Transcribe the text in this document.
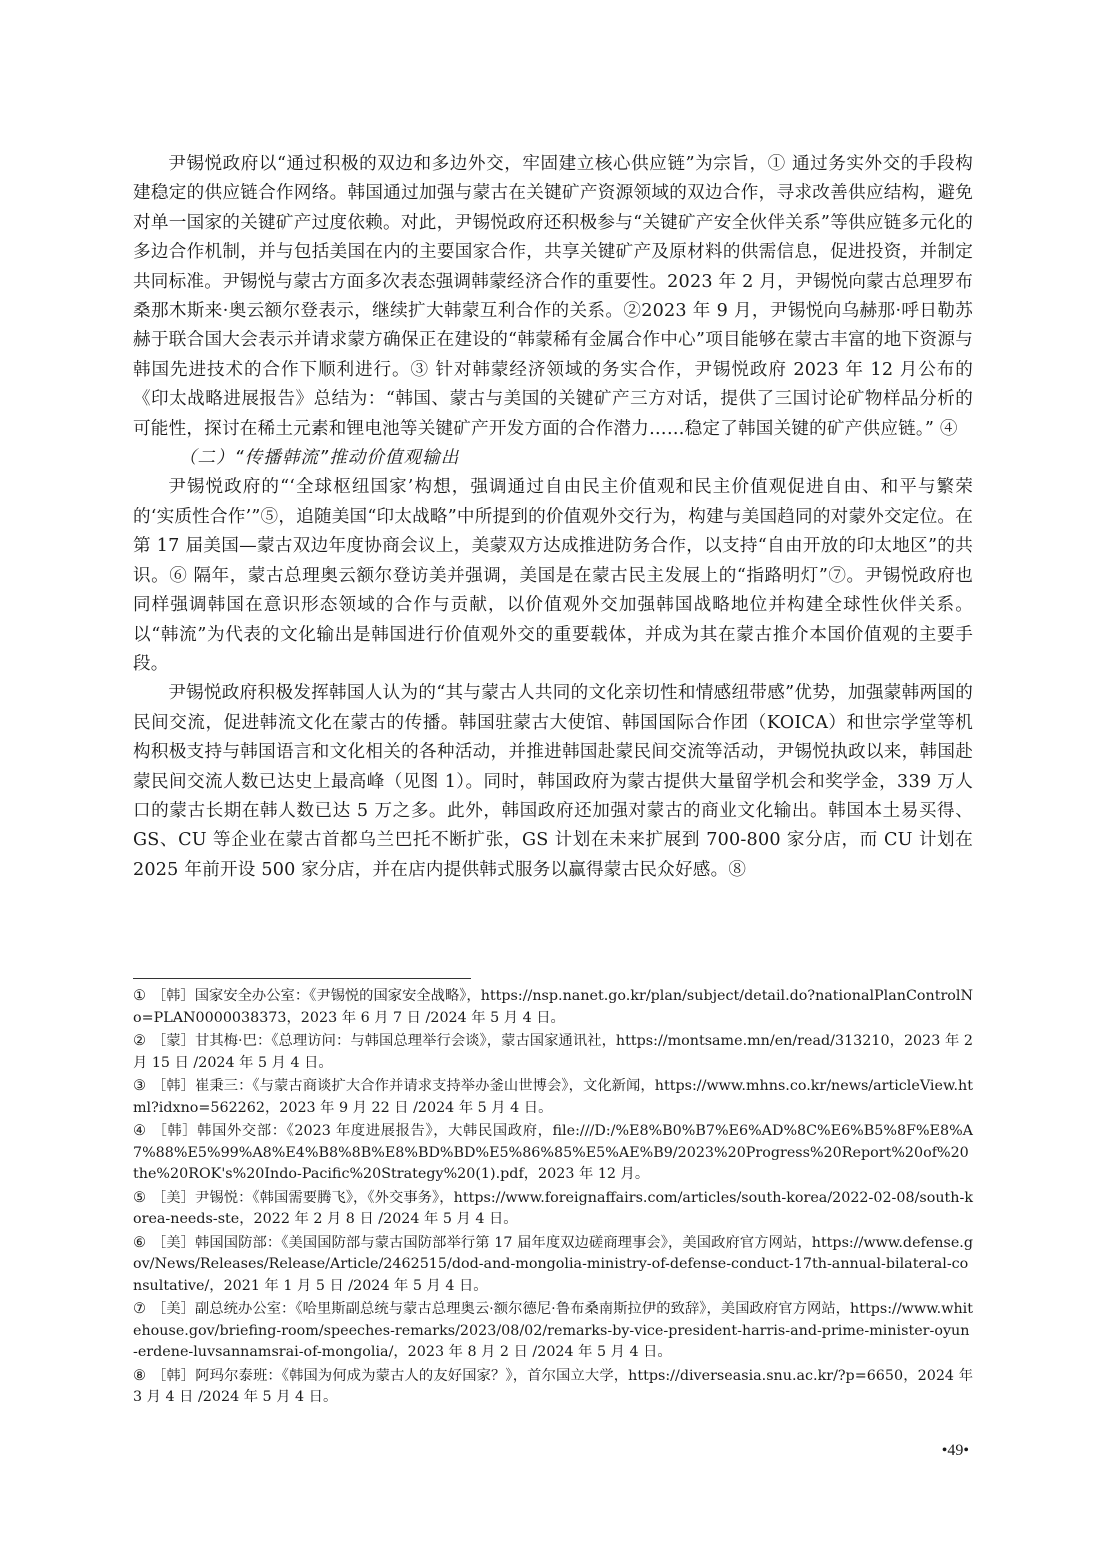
尹锡悦政府以“通过积极的双边和多边外交，牢固建立核心供应链”为宗旨，① 通过务实外交的手段构建稳定的供应链合作网络。韩国通过加强与蒙古在关键矿产资源领域的双边合作，寻求改善供应结构，避免对单一国家的关键矿产过度依赖。对此，尹锡悦政府还积极参与“关键矿产安全伙伴关系”等供应链多元化的多边合作机制，并与包括美国在内的主要国家合作，共享关键矿产及原材料的供需信息，促进投资，并制定共同标准。尹锡悦与蒙古方面多次表态强调韩蒙经济合作的重要性。2023 年 2 月，尹锡悦向蒙古总理罗布桑那木斯来·奥云额尔登表示，继续扩大韩蒙互利合作的关系。②2023 年 9 月，尹锡悦向乌赫那·呼日勒苏赫于联合国大会表示并请求蒙方确保正在建设的“韩蒙稀有金属合作中心”项目能够在蒙古丰富的地下资源与韩国先进技术的合作下顺利进行。③ 针对韩蒙经济领域的务实合作，尹锡悦政府 2023 年 12 月公布的《印太战略进展报告》总结为：“韩国、蒙古与美国的关键矿产三方对话，提供了三国讨论矿物样品分析的可能性，探讨在稀土元素和锂电池等关键矿产开发方面的合作潜力……稳定了韩国关键的矿产供应链。” ④

（二）“传播韩流”推动价值观输出

尹锡悦政府的“‘全球枢纽国家’构想，强调通过自由民主价值观和民主价值观促进自由、和平与繁荣的‘实质性合作’”⑤，追随美国“印太战略”中所提到的价值观外交行为，构建与美国趋同的对蒙外交定位。在第 17 届美国—蒙古双边年度协商会议上，美蒙双方达成推进防务合作，以支持“自由开放的印太地区”的共识。⑥ 隔年，蒙古总理奥云额尔登访美并强调，美国是在蒙古民主发展上的“指路明灯”⑦。尹锡悦政府也同样强调韩国在意识形态领域的合作与贡献，以价值观外交加强韩国战略地位并构建全球性伙伴关系。以“韩流”为代表的文化输出是韩国进行价值观外交的重要载体，并成为其在蒙古推介本国价值观的主要手段。

尹锡悦政府积极发挥韩国人认为的“其与蒙古人共同的文化亲切性和情感纽带感”优势，加强蒙韩两国的民间交流，促进韩流文化在蒙古的传播。韩国驻蒙古大使馆、韩国国际合作团（KOICA）和世宗学堂等机构积极支持与韩国语言和文化相关的各种活动，并推进韩国赴蒙民间交流等活动，尹锡悦执政以来，韩国赴蒙民间交流人数已达史上最高峰（见图 1）。同时，韩国政府为蒙古提供大量留学机会和奖学金，339 万人口的蒙古长期在韩人数已达 5 万之多。此外，韩国政府还加强对蒙古的商业文化输出。韩国本土易买得、GS、CU 等企业在蒙古首都乌兰巴托不断扩张，GS 计划在未来扩展到 700-800 家分店，而 CU 计划在 2025 年前开设 500 家分店，并在店内提供韩式服务以赢得蒙古民众好感。⑧

① ［韩］国家安全办公室：《尹锡悦的国家安全战略》，https://nsp.nanet.go.kr/plan/subject/detail.do?nationalPlanControlNo=PLAN0000038373，2023 年 6 月 7 日 /2024 年 5 月 4 日。

② ［蒙］甘其梅·巴：《总理访问：与韩国总理举行会谈》，蒙古国家通讯社，https://montsame.mn/en/read/313210，2023 年 2 月 15 日 /2024 年 5 月 4 日。

③ ［韩］崔秉三：《与蒙古商谈扩大合作并请求支持举办釜山世博会》，文化新闻，https://www.mhns.co.kr/news/articleView.html?idxno=562262，2023 年 9 月 22 日 /2024 年 5 月 4 日。

④ ［韩］韩国外交部：《2023 年度进展报告》，大韩民国政府，file:///D:/%E8%B0%B7%E6%AD%8C%E6%B5%8F%E8%A7%88%E5%99%A8%E4%B8%8B%E8%BD%BD%E5%86%85%E5%AE%B9/2023%20Progress%20Report%20of%20the%20ROK's%20Indo-Pacific%20Strategy%20(1).pdf，2023 年 12 月。

⑤ ［美］尹锡悦：《韩国需要腾飞》，《外交事务》，https://www.foreignaffairs.com/articles/south-korea/2022-02-08/south-korea-needs-ste，2022 年 2 月 8 日 /2024 年 5 月 4 日。

⑥ ［美］韩国国防部：《美国国防部与蒙古国防部举行第 17 届年度双边磋商理事会》，美国政府官方网站，https://www.defense.gov/News/Releases/Release/Article/2462515/dod-and-mongolia-ministry-of-defense-conduct-17th-annual-bilateral-consultative/，2021 年 1 月 5 日 /2024 年 5 月 4 日。

⑦ ［美］副总统办公室：《哈里斯副总统与蒙古总理奥云·额尔德尼·鲁布桑南斯拉伊的致辞》，美国政府官方网站，https://www.whitehouse.gov/briefing-room/speeches-remarks/2023/08/02/remarks-by-vice-president-harris-and-prime-minister-oyun-erdene-luvsannamsrai-of-mongolia/，2023 年 8 月 2 日 /2024 年 5 月 4 日。

⑧ ［韩］阿玛尔泰班：《韩国为何成为蒙古人的友好国家？》，首尔国立大学，https://diverseasia.snu.ac.kr/?p=6650，2024 年 3 月 4 日 /2024 年 5 月 4 日。

•49•
